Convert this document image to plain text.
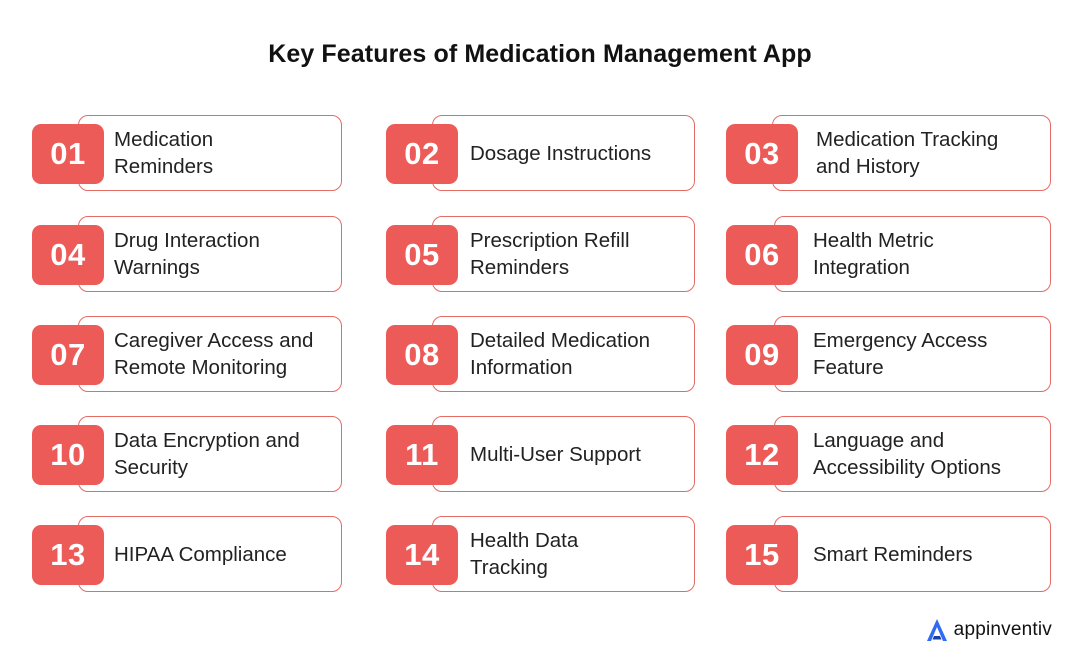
Key Features of Medication Management App
01	Medication
Reminders	02	Dosage Instructions	03	Medication Tracking
and History
04	Drug Interaction
Warnings	05	Prescription Refill
Reminders	06	Health Metric
Integration
07	Caregiver Access and
Remote Monitoring	08	Detailed Medication
Information	09	Emergency Access
Feature
10	Data Encryption and
Security	11	Multi-User Support	12	Language and
Accessibility Options
13	HIPAA Compliance	14	Health Data
Tracking	15	Smart Reminders
appinventiv
